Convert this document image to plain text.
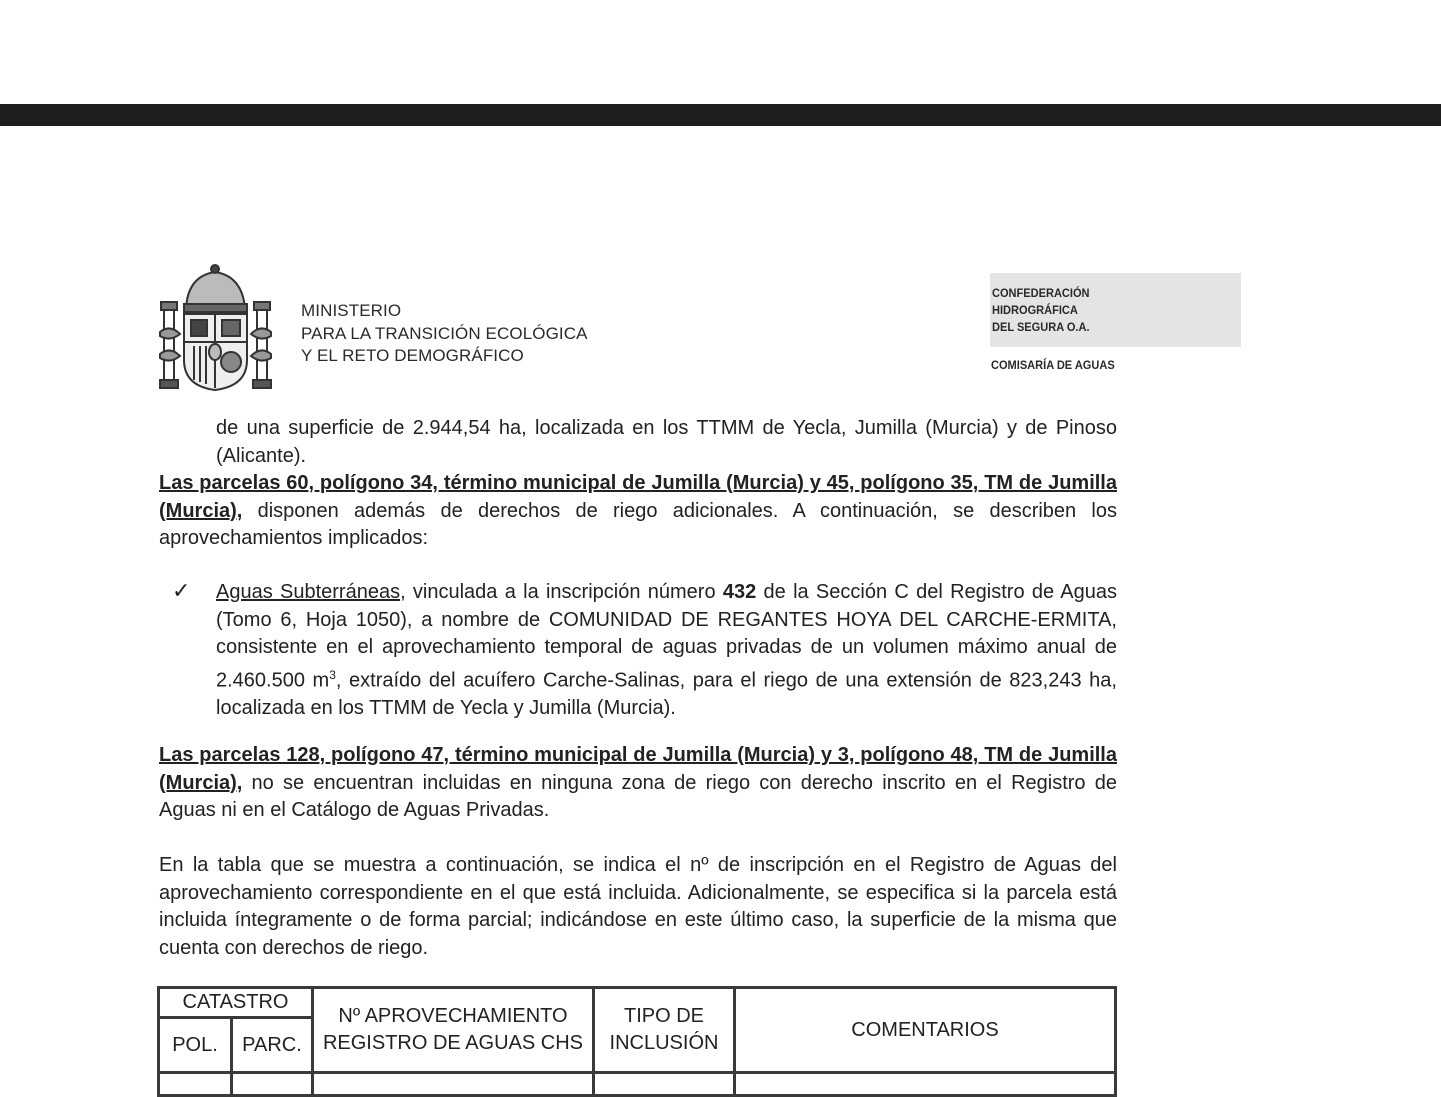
MINISTERIO
PARA LA TRANSICIÓN ECOLÓGICA
Y EL RETO DEMOGRÁFICO
CONFEDERACIÓN
HIDROGRÁFICA
DEL SEGURA O.A.
COMISARÍA DE AGUAS

de una superficie de 2.944,54 ha, localizada en los TTMM de Yecla, Jumilla (Murcia) y de Pinoso (Alicante).

Las parcelas 60, polígono 34, término municipal de Jumilla (Murcia) y 45, polígono 35, TM de Jumilla (Murcia), disponen además de derechos de riego adicionales. A continuación, se describen los aprovechamientos implicados:

✓	Aguas Subterráneas, vinculada a la inscripción número 432 de la Sección C del Registro de Aguas (Tomo 6, Hoja 1050), a nombre de COMUNIDAD DE REGANTES HOYA DEL CARCHE-ERMITA, consistente en el aprovechamiento temporal de aguas privadas de un volumen máximo anual de 2.460.500 $m^3$, extraído del acuífero Carche-Salinas, para el riego de una extensión de 823,243 ha, localizada en los TTMM de Yecla y Jumilla (Murcia).

Las parcelas 128, polígono 47, término municipal de Jumilla (Murcia) y 3, polígono 48, TM de Jumilla (Murcia), no se encuentran incluidas en ninguna zona de riego con derecho inscrito en el Registro de Aguas ni en el Catálogo de Aguas Privadas.

En la tabla que se muestra a continuación, se indica el nº de inscripción en el Registro de Aguas del aprovechamiento correspondiente en el que está incluida. Adicionalmente, se especifica si la parcela está incluida íntegramente o de forma parcial; indicándose en este último caso, la superficie de la misma que cuenta con derechos de riego.

CATASTRO		Nº APROVECHAMIENTO REGISTRO DE AGUAS CHS	TIPO DE INCLUSIÓN	COMENTARIOS
POL.	PARC.			
